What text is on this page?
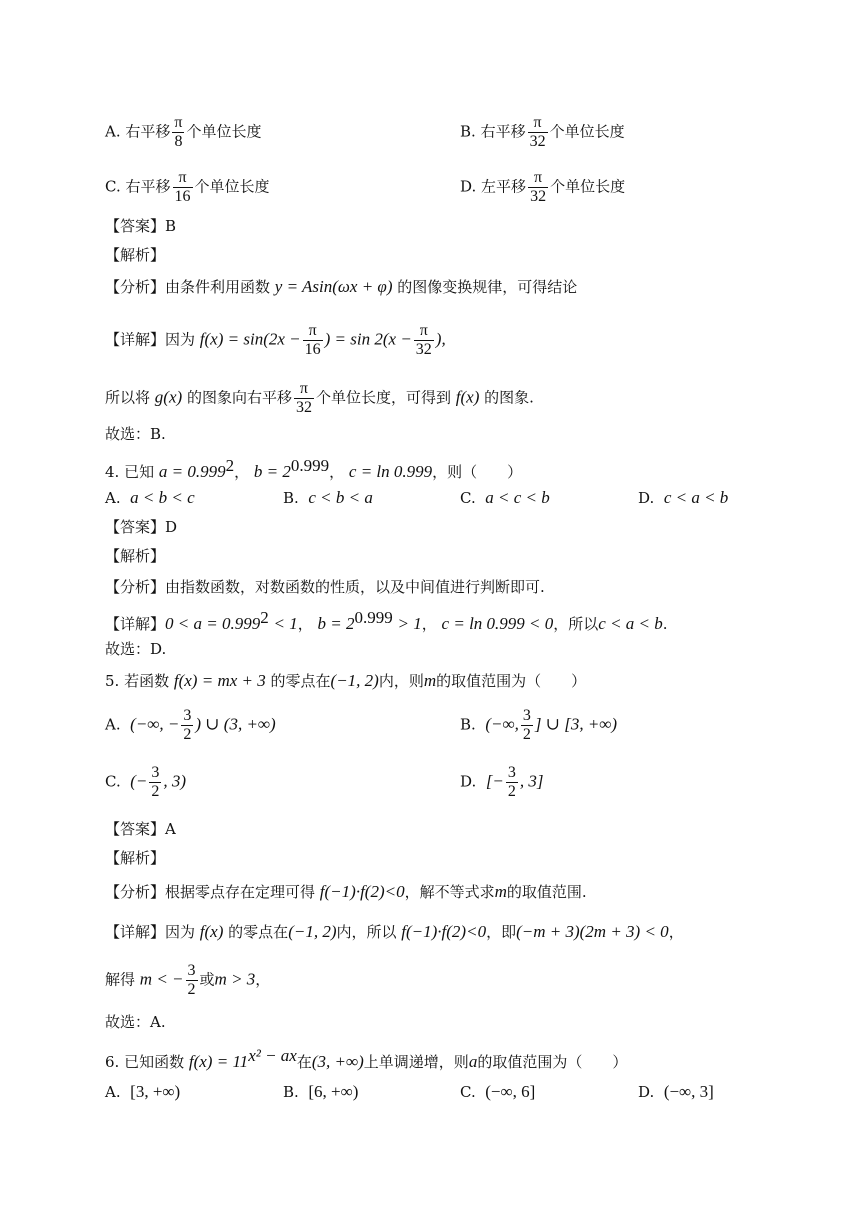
A. 右平移 $\frac{\pi}{8}$ 个单位长度	B. 右平移 $\frac{\pi}{32}$ 个单位长度
C. 右平移 $\frac{\pi}{16}$ 个单位长度	D. 左平移 $\frac{\pi}{32}$ 个单位长度
【答案】B
【解析】
【分析】由条件利用函数 y = Asin(ωx + φ) 的图像变换规律，可得结论
【详解】因为 $f(x) = \sin(2x - \frac{\pi}{16}$ ) = $\sin 2(x - \frac{\pi}{32}$ ),
所以将 g(x) 的图象向右平移 $\frac{\pi}{32}$ 个单位长度，可得到 f(x) 的图象.
故选：B.
4. 已知 $a = 0.999^2$， $b = 2^{0.999}$， c = ln 0.999，则（　　）
A. a < b < c	B. c < b < a	C. a < c < b	D. c < a < b
【答案】D
【解析】
【分析】由指数函数，对数函数的性质，以及中间值进行判断即可.
【详解】$0 < a = 0.999^2 < 1$， $b = 2^{0.999} > 1$， c = ln 0.999 < 0，所以c < a < b.
故选：D.
5. 若函数 f(x) = mx + 3 的零点在(−1, 2)内，则m的取值范围为（　　）
A. (−∞, − $\frac{3}{2}$ ) ∪ (3, +∞)	B. (−∞, $\frac{3}{2}$ ] ∪ [3, +∞)
C. (− $\frac{3}{2}$ , 3)	D. [− $\frac{3}{2}$ , 3]
【答案】A
【解析】
【分析】根据零点存在定理可得 f(−1)·f(2)<0，解不等式求m的取值范围.
【详解】因为 f(x) 的零点在(−1, 2)内，所以 f(−1)·f(2)<0，即(−m + 3)(2m + 3) < 0，
解得 m < − $\frac{3}{2}$ 或m > 3，
故选：A.
6. 已知函数 $f(x) = 11^{x^2 - ax}$在(3, +∞)上单调递增，则a的取值范围为（　　）
A. [3, +∞)	B. [6, +∞)	C. (−∞, 6]	D. (−∞, 3]
